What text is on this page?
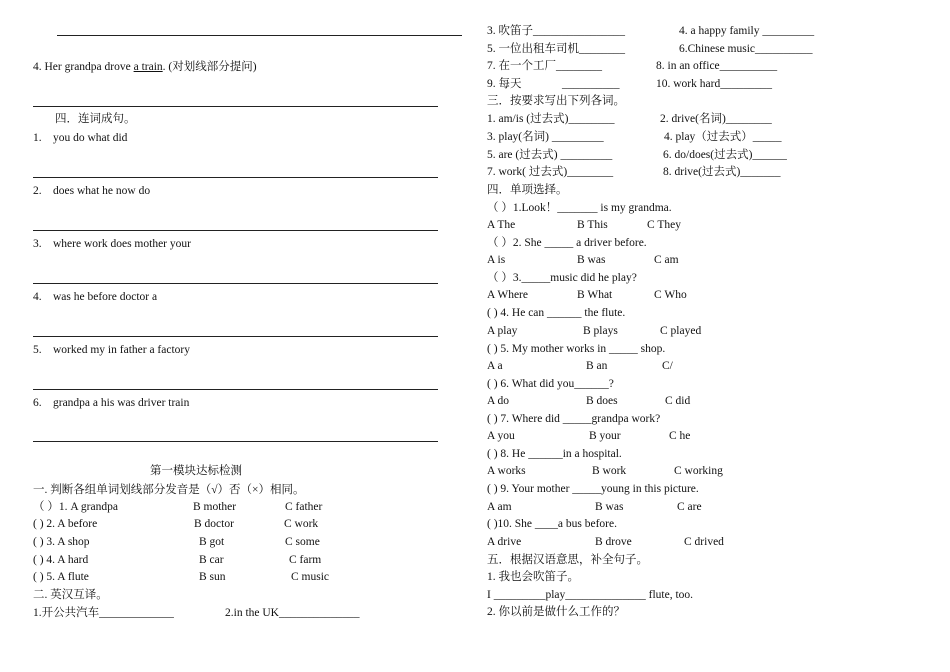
4. Her grandpa drove a train. (对划线部分提问)
四．连词成句。
1. you do what did
2. does what he now do
3. where work does mother your
4. was he before doctor a
5. worked my in father a factory
6. grandpa a his was driver train
第一模块达标检测
一. 判断各组单词划线部分发音是（√）否（×）相同。
（ ）1. A grandpa	B mother	C father
( ) 2. A before	B doctor	C work
( ) 3. A shop	B got	C some
( ) 4. A hard	B car	C farm
( ) 5. A flute	B sun	C music
二. 英汉互译。
1.开公共汽车_____________	2.in the UK______________
3. 吹笛子________________	4. a happy family _________
5. 一位出租车司机________	6.Chinese music__________
7. 在一个工厂________	8. in an office__________
9. 每天	__________	10. work hard_________
三．按要求写出下列各词。
1. am/is (过去式)________	2. drive(名词)________
3. play(名词) _________	4. play（过去式）_____
5. are (过去式) _________	6. do/does(过去式)______
7. work( 过去式)________	8. drive(过去式)_______
四．单项选择。
（ ）1.Look！_______ is my grandma.
A The	B This	C They
（ ）2. She _____ a driver before.
A is	B was	C am
（ ）3._____music did he play?
A Where	B What	C Who
( ) 4. He can ______ the flute.
A play	B plays	C played
( ) 5. My mother works in _____ shop.
A a	B an	C/
( ) 6. What did you______?
A do	B does	C did
( ) 7. Where did _____grandpa work?
A you	B your	C he
( ) 8. He ______in a hospital.
A works	B work	C working
( ) 9. Your mother _____young in this picture.
A am	B was	C are
( )10. She ____a bus before.
A drive	B drove	C drived
五．根据汉语意思，补全句子。
1. 我也会吹笛子。
I _________play______________ flute, too.
2. 你以前是做什么工作的？
